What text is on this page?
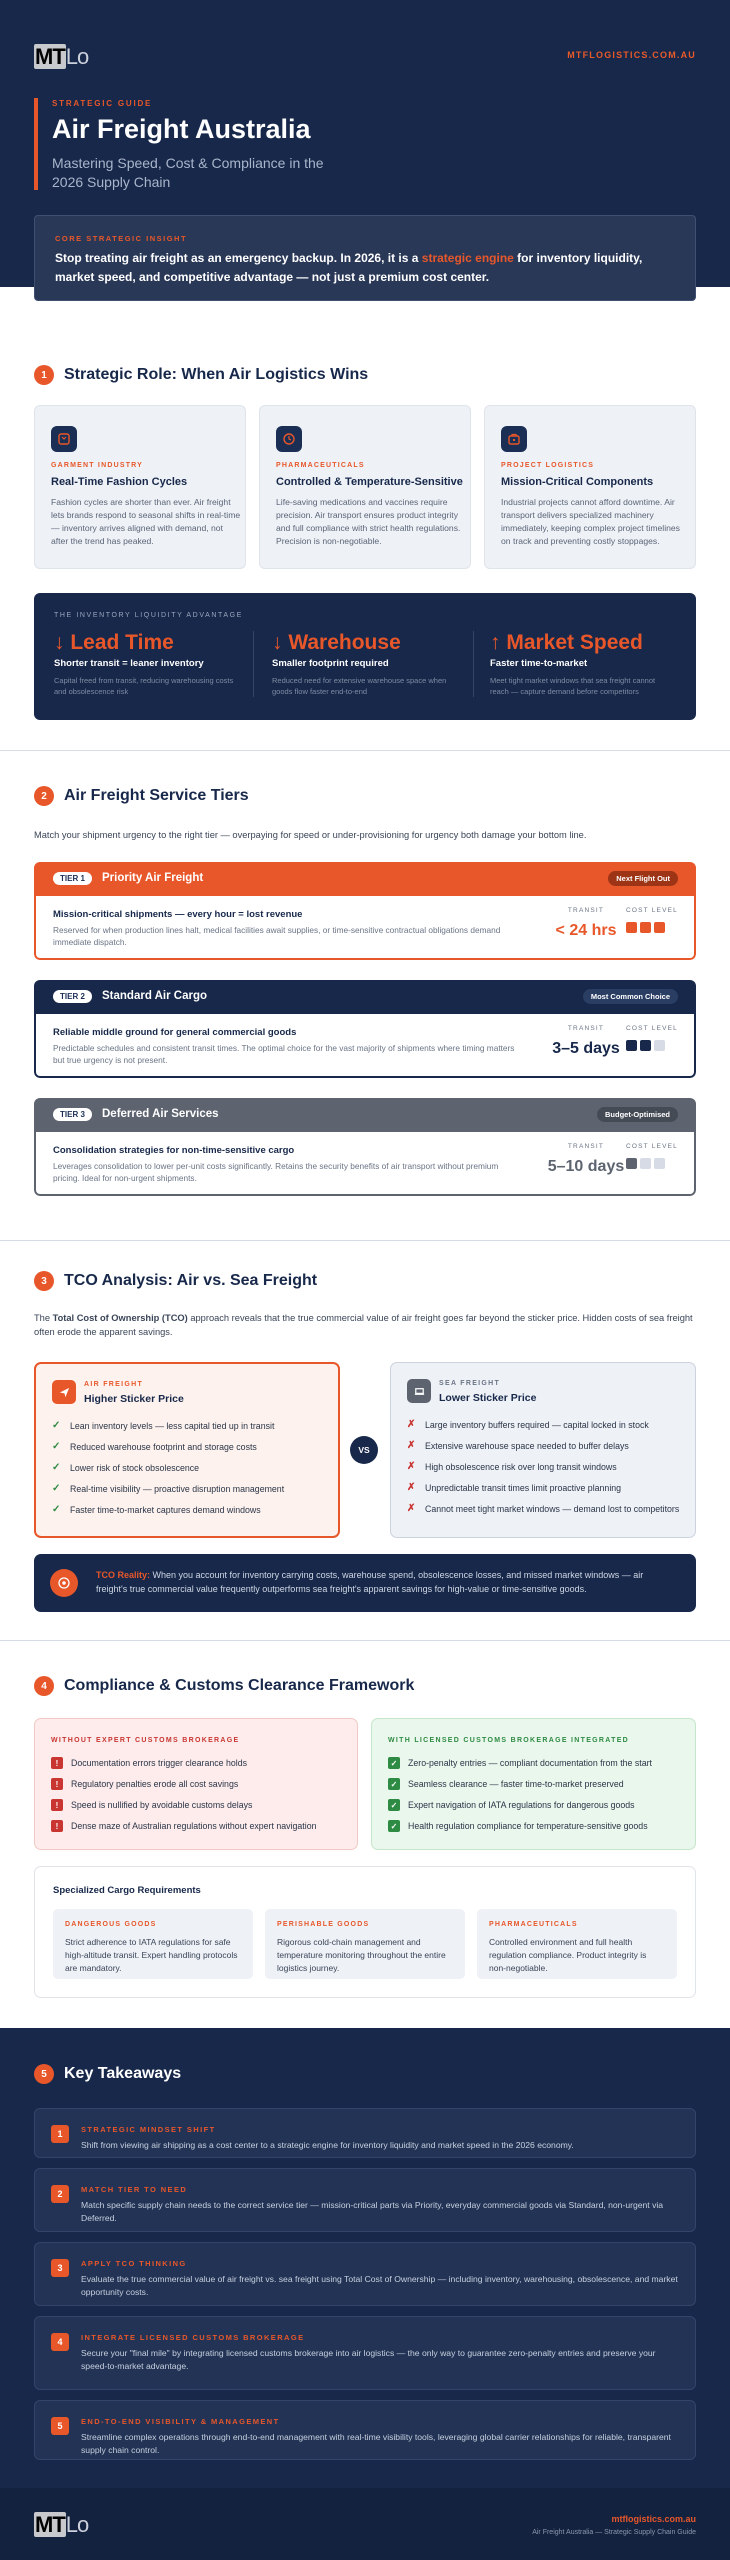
MTLo	MTFLOGISTICS.COM.AU
STRATEGIC GUIDE
Air Freight Australia
Mastering Speed, Cost & Compliance in the 2026 Supply Chain
CORE STRATEGIC INSIGHT
Stop treating air freight as an emergency backup. In 2026, it is a strategic engine for inventory liquidity, market speed, and competitive advantage — not just a premium cost center.
1	Strategic Role: When Air Logistics Wins
GARMENT INDUSTRY
Real-Time Fashion Cycles
Fashion cycles are shorter than ever. Air freight lets brands respond to seasonal shifts in real-time — inventory arrives aligned with demand, not after the trend has peaked.
PHARMACEUTICALS
Controlled & Temperature-Sensitive
Life-saving medications and vaccines require precision. Air transport ensures product integrity and full compliance with strict health regulations. Precision is non-negotiable.
PROJECT LOGISTICS
Mission-Critical Components
Industrial projects cannot afford downtime. Air transport delivers specialized machinery immediately, keeping complex project timelines on track and preventing costly stoppages.
THE INVENTORY LIQUIDITY ADVANTAGE
↓ Lead Time
Shorter transit = leaner inventory
Capital freed from transit, reducing warehousing costs and obsolescence risk
↓ Warehouse
Smaller footprint required
Reduced need for extensive warehouse space when goods flow faster end-to-end
↑ Market Speed
Faster time-to-market
Meet tight market windows that sea freight cannot reach — capture demand before competitors
2	Air Freight Service Tiers
Match your shipment urgency to the right tier — overpaying for speed or under-provisioning for urgency both damage your bottom line.
TIER 1	Priority Air Freight	Next Flight Out
Mission-critical shipments — every hour = lost revenue
Reserved for when production lines halt, medical facilities await supplies, or time-sensitive contractual obligations demand immediate dispatch.
TRANSIT
< 24 hrs
COST LEVEL
TIER 2	Standard Air Cargo	Most Common Choice
Reliable middle ground for general commercial goods
Predictable schedules and consistent transit times. The optimal choice for the vast majority of shipments where timing matters but true urgency is not present.
TRANSIT
3–5 days
COST LEVEL
TIER 3	Deferred Air Services	Budget-Optimised
Consolidation strategies for non-time-sensitive cargo
Leverages consolidation to lower per-unit costs significantly. Retains the security benefits of air transport without premium pricing. Ideal for non-urgent shipments.
TRANSIT
5–10 days
COST LEVEL
3	TCO Analysis: Air vs. Sea Freight
The Total Cost of Ownership (TCO) approach reveals that the true commercial value of air freight goes far beyond the sticker price. Hidden costs of sea freight often erode the apparent savings.
AIR FREIGHT
Higher Sticker Price
✓ Lean inventory levels — less capital tied up in transit
✓ Reduced warehouse footprint and storage costs
✓ Lower risk of stock obsolescence
✓ Real-time visibility — proactive disruption management
✓ Faster time-to-market captures demand windows
VS
SEA FREIGHT
Lower Sticker Price
✗ Large inventory buffers required — capital locked in stock
✗ Extensive warehouse space needed to buffer delays
✗ High obsolescence risk over long transit windows
✗ Unpredictable transit times limit proactive planning
✗ Cannot meet tight market windows — demand lost to competitors
TCO Reality: When you account for inventory carrying costs, warehouse spend, obsolescence losses, and missed market windows — air freight's true commercial value frequently outperforms sea freight's apparent savings for high-value or time-sensitive goods.
4	Compliance & Customs Clearance Framework
WITHOUT EXPERT CUSTOMS BROKERAGE
!	Documentation errors trigger clearance holds
!	Regulatory penalties erode all cost savings
!	Speed is nullified by avoidable customs delays
!	Dense maze of Australian regulations without expert navigation
WITH LICENSED CUSTOMS BROKERAGE INTEGRATED
✓	Zero-penalty entries — compliant documentation from the start
✓	Seamless clearance — faster time-to-market preserved
✓	Expert navigation of IATA regulations for dangerous goods
✓	Health regulation compliance for temperature-sensitive goods
Specialized Cargo Requirements
DANGEROUS GOODS
Strict adherence to IATA regulations for safe high-altitude transit. Expert handling protocols are mandatory.
PERISHABLE GOODS
Rigorous cold-chain management and temperature monitoring throughout the entire logistics journey.
PHARMACEUTICALS
Controlled environment and full health regulation compliance. Product integrity is non-negotiable.
5	Key Takeaways
1	STRATEGIC MINDSET SHIFT
Shift from viewing air shipping as a cost center to a strategic engine for inventory liquidity and market speed in the 2026 economy.
2	MATCH TIER TO NEED
Match specific supply chain needs to the correct service tier — mission-critical parts via Priority, everyday commercial goods via Standard, non-urgent via Deferred.
3	APPLY TCO THINKING
Evaluate the true commercial value of air freight vs. sea freight using Total Cost of Ownership — including inventory, warehousing, obsolescence, and market opportunity costs.
4	INTEGRATE LICENSED CUSTOMS BROKERAGE
Secure your "final mile" by integrating licensed customs brokerage into air logistics — the only way to guarantee zero-penalty entries and preserve your speed-to-market advantage.
5	END-TO-END VISIBILITY & MANAGEMENT
Streamline complex operations through end-to-end management with real-time visibility tools, leveraging global carrier relationships for reliable, transparent supply chain control.
MTLo	mtflogistics.com.au
Air Freight Australia — Strategic Supply Chain Guide
